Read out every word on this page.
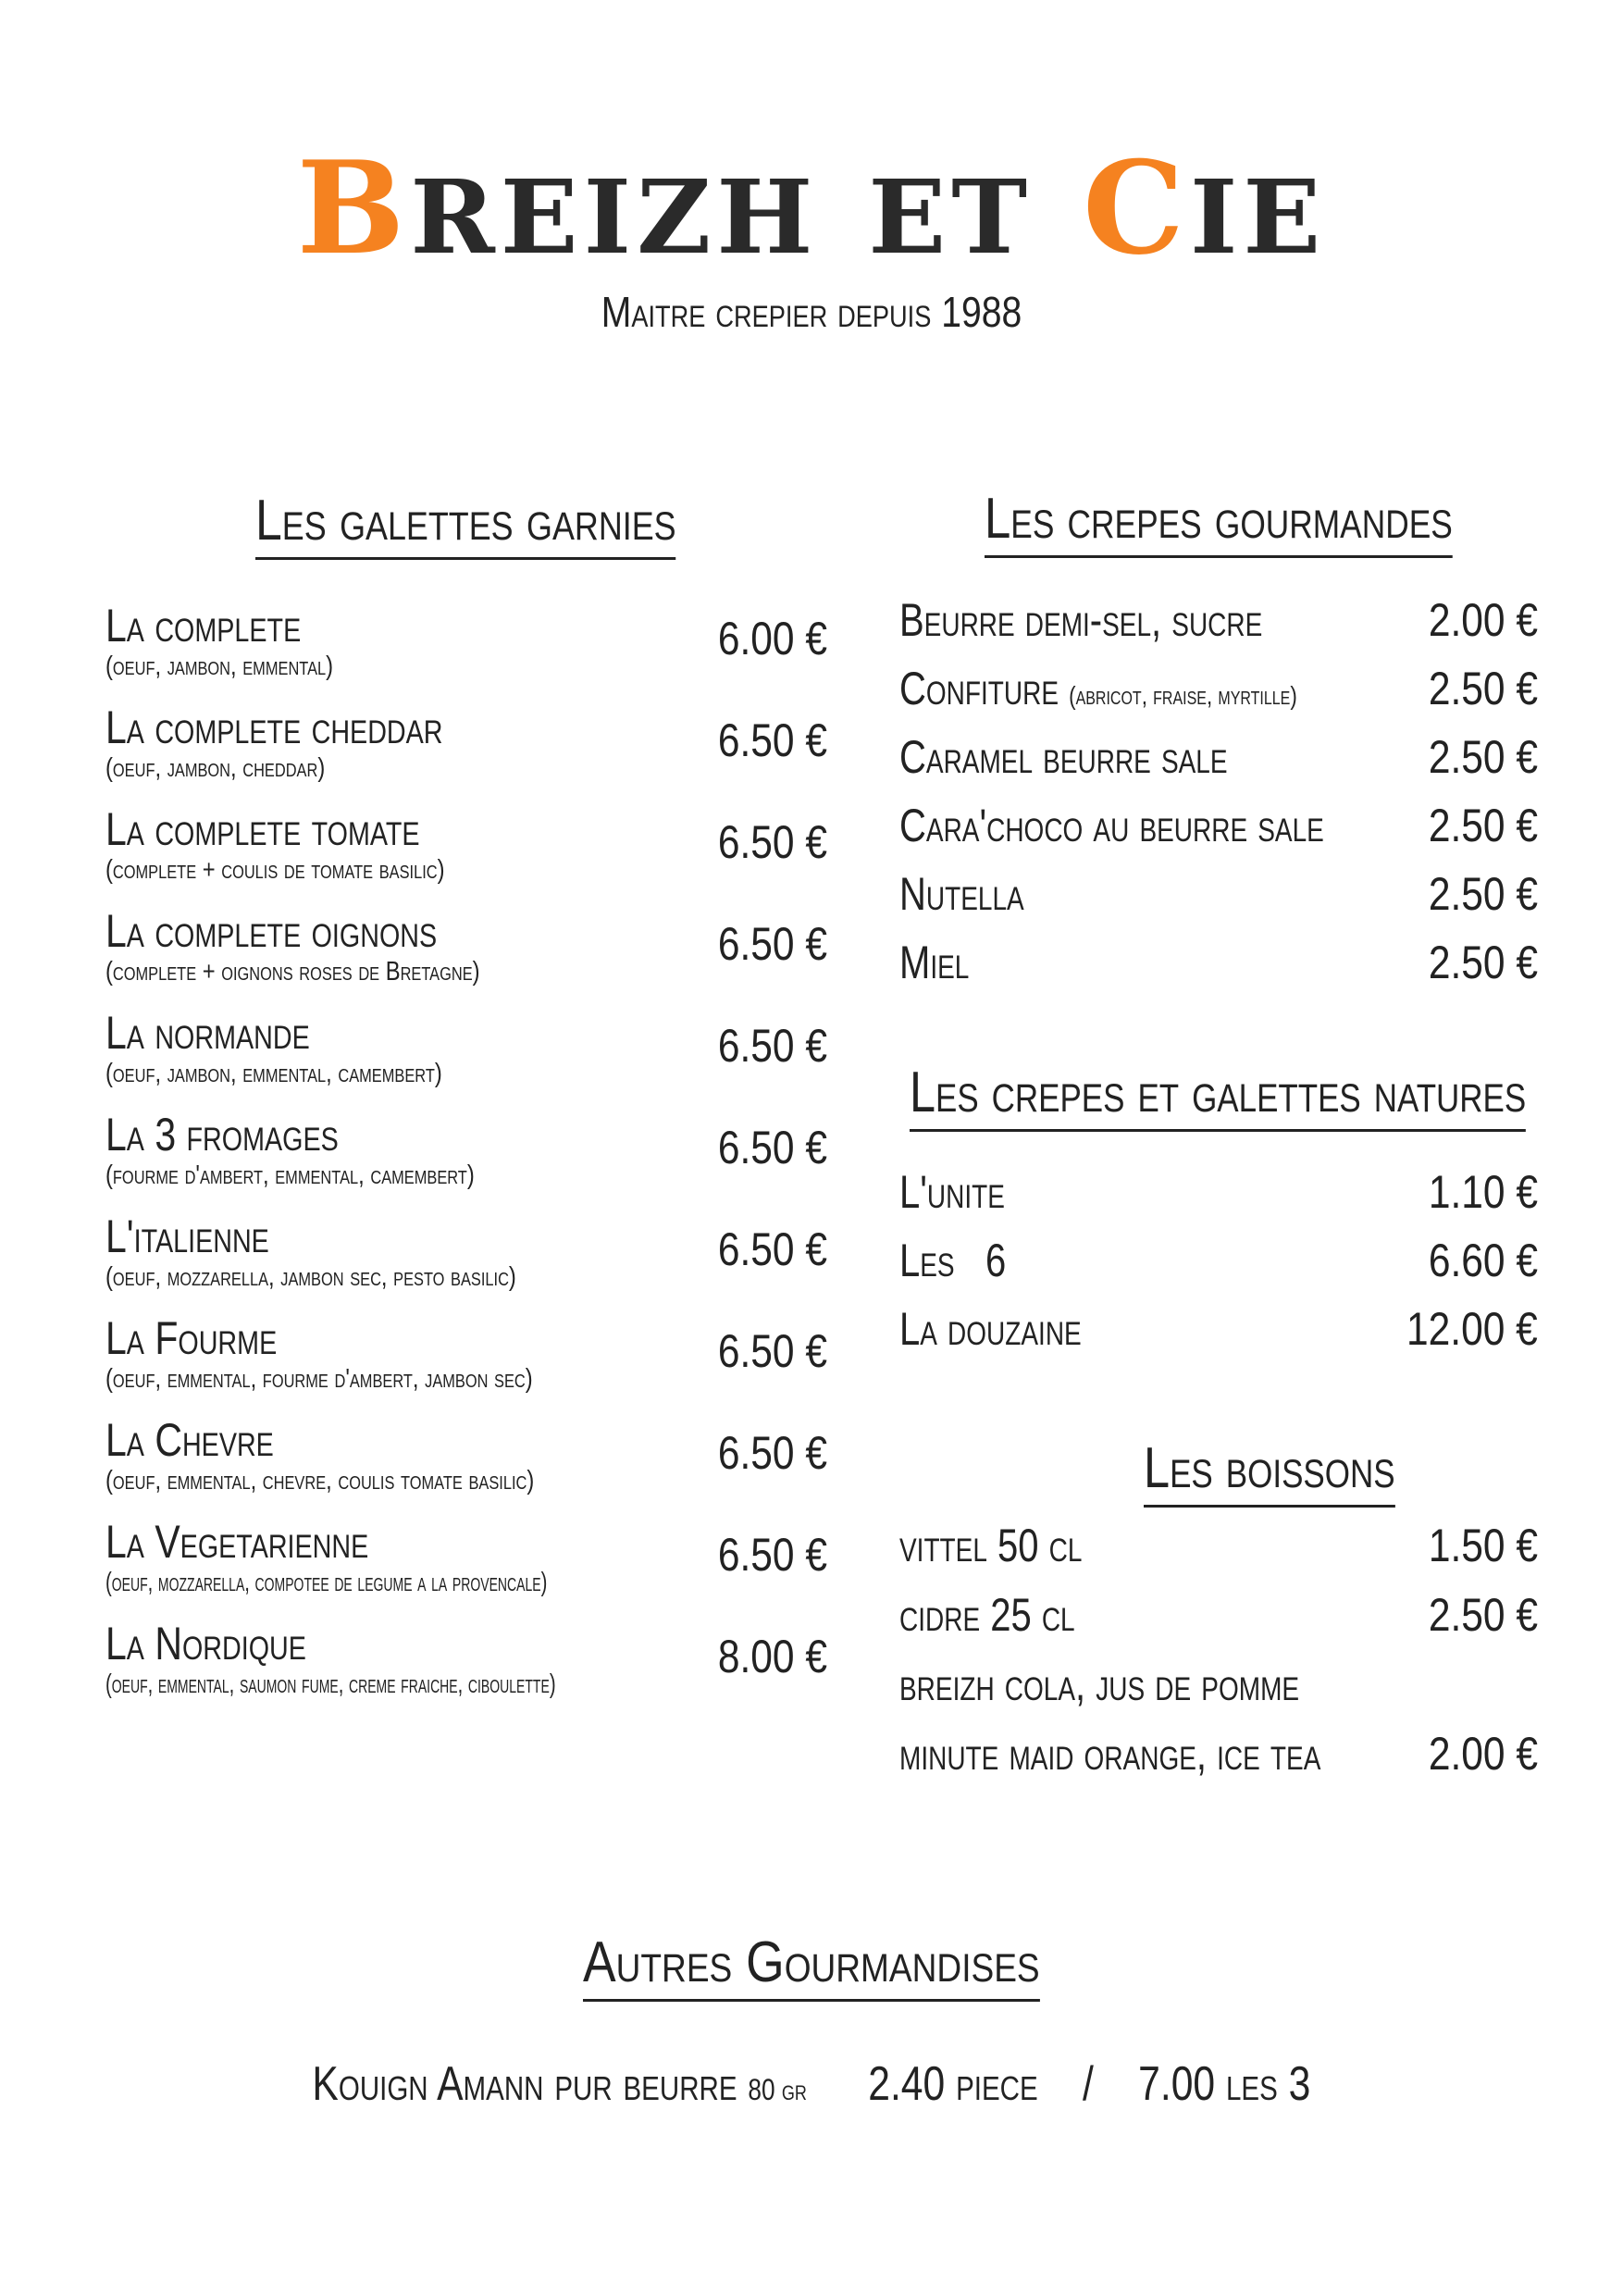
BREIZH ET CIE
Maitre crepier depuis 1988
Les galettes garnies
La complete
(oeuf, jambon, emmental)
6.00 €
La complete cheddar
(oeuf, jambon, cheddar)
6.50 €
La complete tomate
(complete + coulis de tomate basilic)
6.50 €
La complete oignons
(complete + oignons roses de Bretagne)
6.50 €
La normande
(oeuf, jambon, emmental, camembert)
6.50 €
La 3 fromages
(fourme d'ambert, emmental, camembert)
6.50 €
L'italienne
(oeuf, mozzarella, jambon sec, pesto basilic)
6.50 €
La Fourme
(oeuf, emmental, fourme d'ambert, jambon sec)
6.50 €
La Chevre
(oeuf, emmental, chevre, coulis tomate basilic)
6.50 €
La Vegetarienne
(oeuf, mozzarella, compotee de legume a la provencale)
6.50 €
La Nordique
(oeuf, emmental, saumon fume, creme fraiche, ciboulette)
8.00 €
Les crepes gourmandes
Beurre demi-sel, sucre	2.00 €
Confiture (abricot, fraise, myrtille)	2.50 €
Caramel beurre sale	2.50 €
Cara'choco au beurre sale 2.50 €
Nutella	2.50 €
Miel	2.50 €
Les crepes et galettes natures
L'unite	1.10 €
Les   6	6.60 €
La douzaine	12.00 €
Les boissons
vittel 50 cl	1.50 €
cidre 25 cl	2.50 €
breizh cola, jus de pomme
minute maid orange, ice tea 2.00 €
Autres Gourmandises
Kouign Amann pur beurre 80 gr 2.40 piece / 7.00 les 3
